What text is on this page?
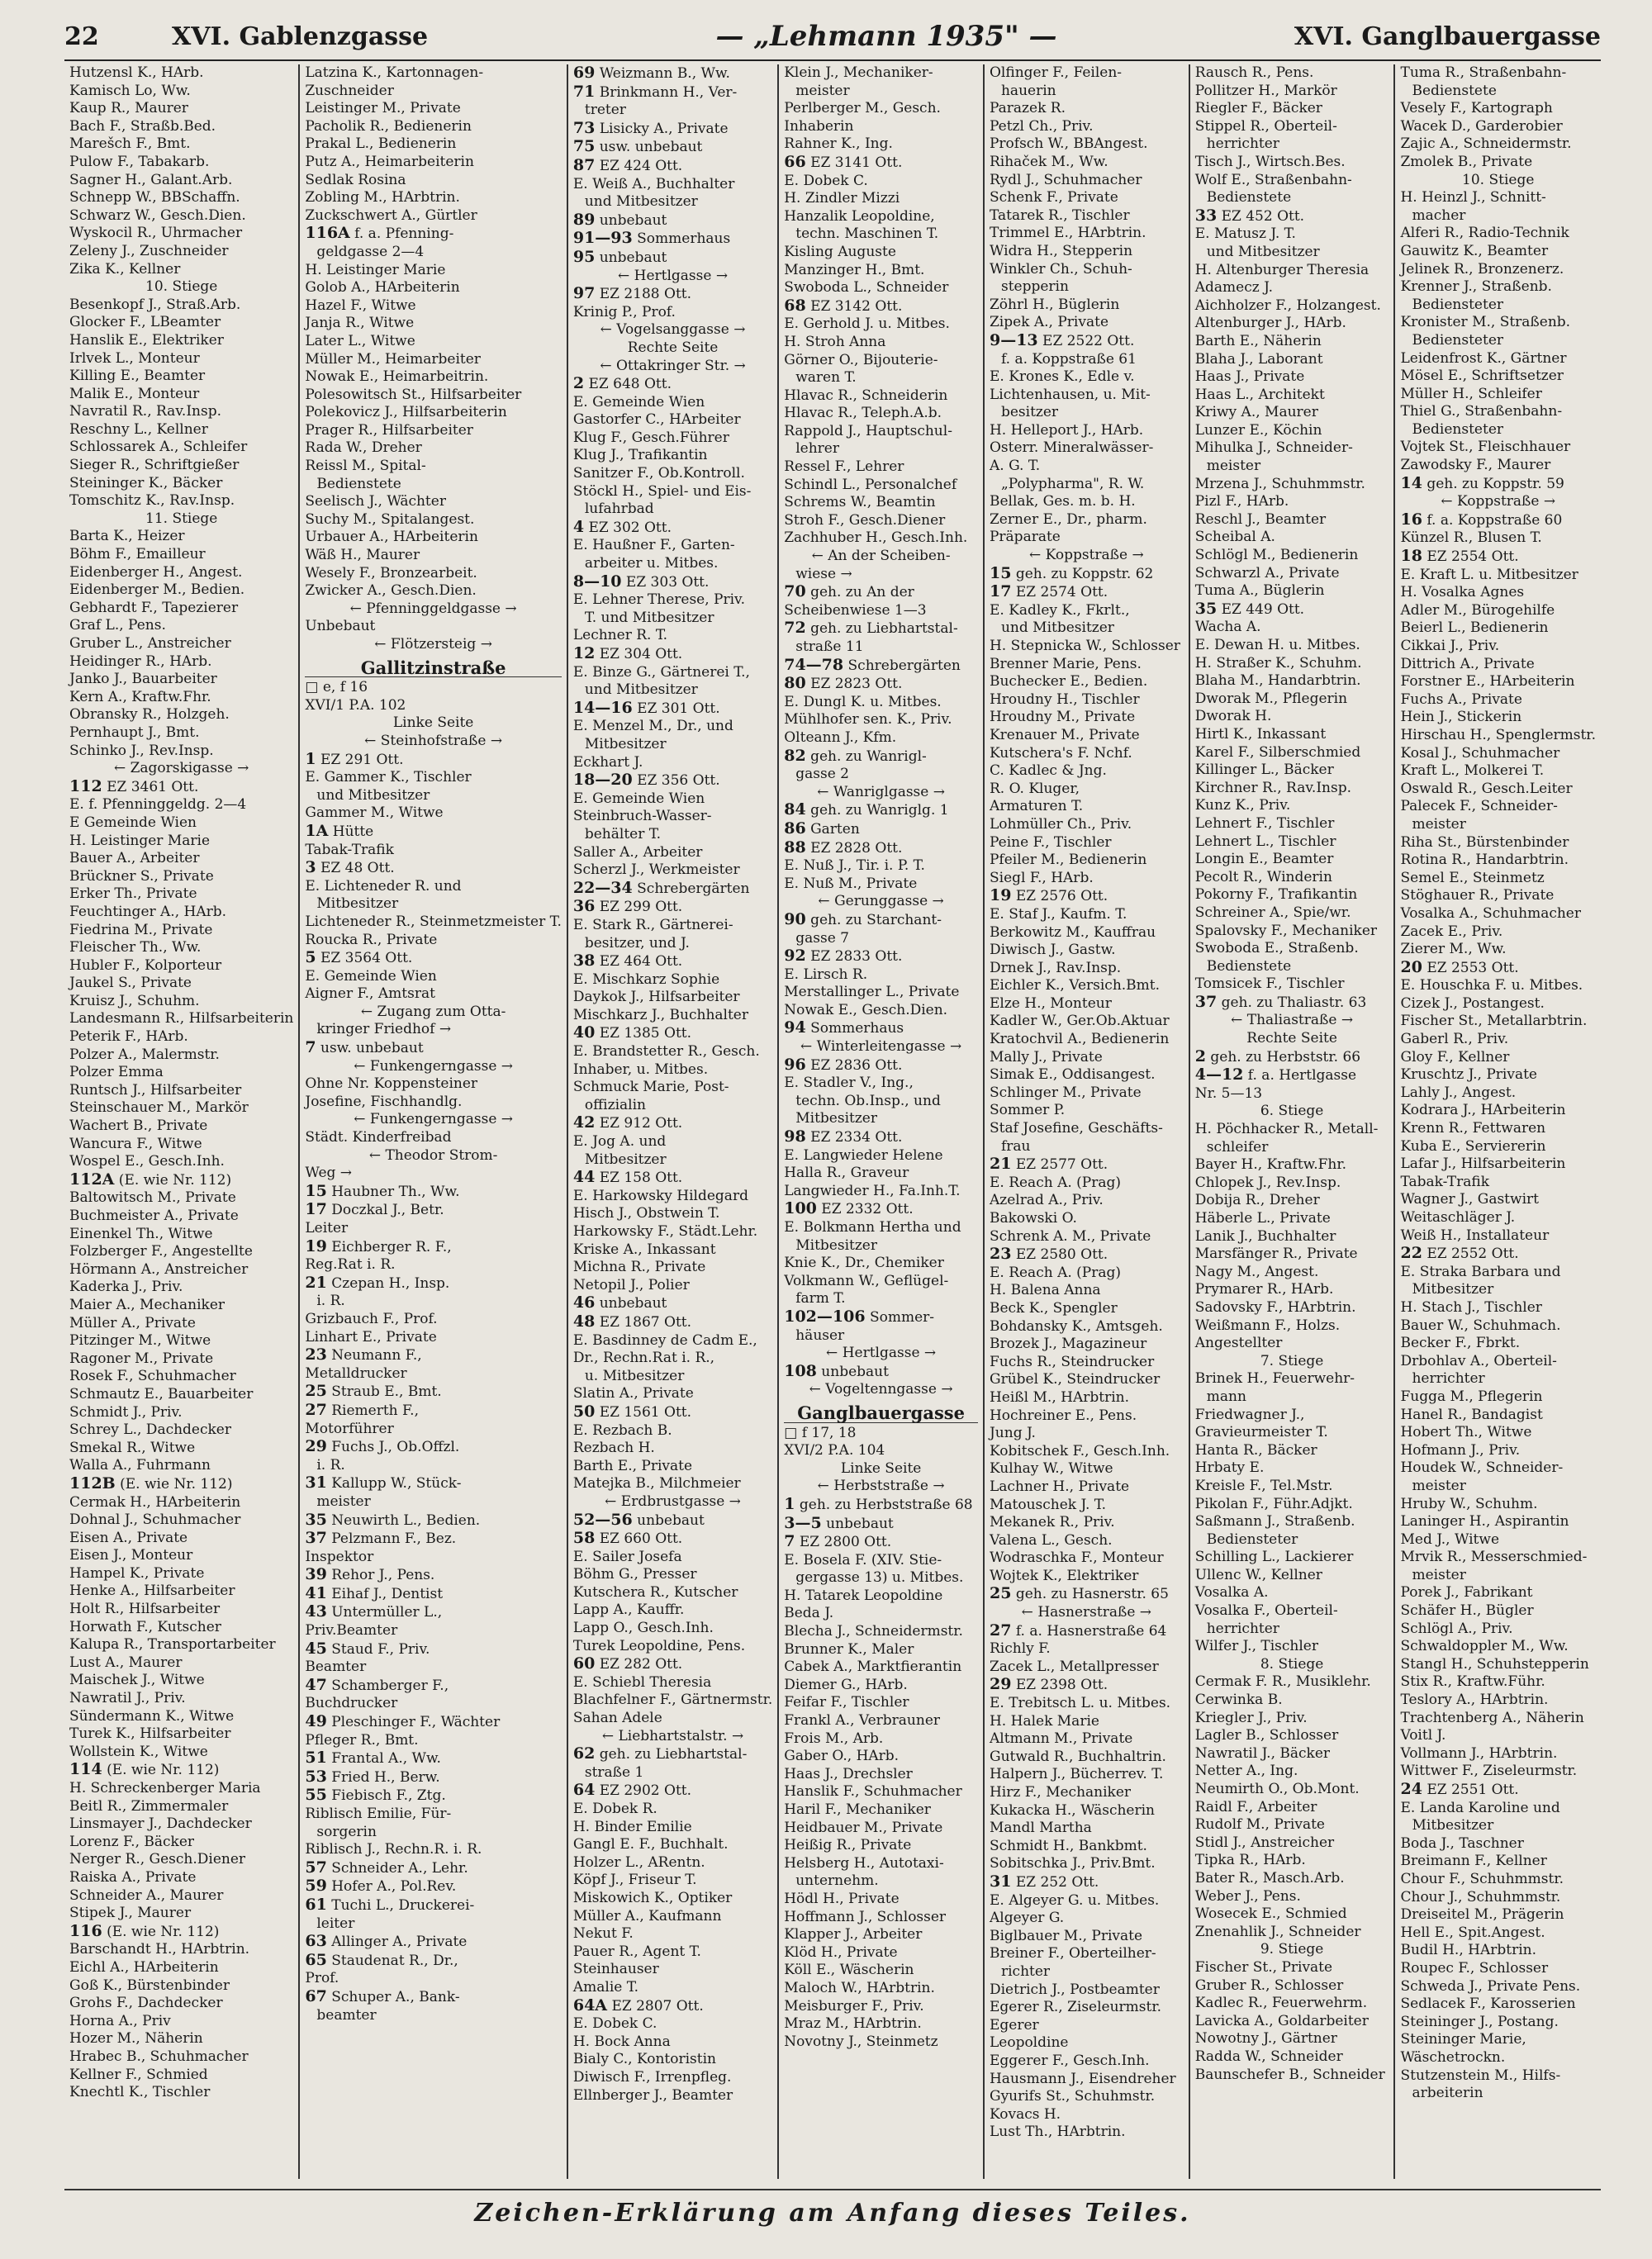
22	XVI. Gablenzgasse	— „Lehmann 1935" —	XVI. Ganglbauergasse
Hutzensl K., HArb.
Kamisch Lo, Ww.
Kaup R., Maurer
Bach F., Straßb.Bed.
Marešch F., Bmt.
Pulow F., Tabakarb.
Sagner H., Galant.Arb.
Schnepp W., BBSchaffn.
Schwarz W., Gesch.Dien.
Wyskocil R., Uhrmacher
Zeleny J., Zuschneider
Zika K., Kellner
10. Stiege
Besenkopf J., Straß.Arb.
Glocker F., LBeamter
Hanslik E., Elektriker
Irlvek L., Monteur
Killing E., Beamter
Malik E., Monteur
Navratil R., Rav.Insp.
Reschny L., Kellner
Schlossarek A., Schleifer
Sieger R., Schriftgießer
Steininger K., Bäcker
Tomschitz K., Rav.Insp.
11. Stiege
Barta K., Heizer
Böhm F., Emailleur
Eidenberger H., Angest.
Eidenberger M., Bedien.
Gebhardt F., Tapezierer
Graf L., Pens.
Gruber L., Anstreicher
Heidinger R., HArb.
Janko J., Bauarbeiter
Kern A., Kraftw.Fhr.
Obransky R., Holzgeh.
Pernhaupt J., Bmt.
Schinko J., Rev.Insp.
← Zagorskigasse →
112 EZ 3461 Ott.
E. f. Pfenninggeldg. 2—4
E Gemeinde Wien
H. Leistinger Marie
Bauer A., Arbeiter
Brückner S., Private
Erker Th., Private
Feuchtinger A., HArb.
Fiedrina M., Private
Fleischer Th., Ww.
Hubler F., Kolporteur
Jaukel S., Private
Kruisz J., Schuhm.
Landesmann R., Hilfsarbeiterin
Peterik F., HArb.
Polzer A., Malermstr.
Polzer Emma
Runtsch J., Hilfsarbeiter
Steinschauer M., Markör
Wachert B., Private
Wancura F., Witwe
Wospel E., Gesch.Inh.
112A (E. wie Nr. 112)
Baltowitsch M., Private
Buchmeister A., Private
Einenkel Th., Witwe
Folzberger F., Angestellte
Hörmann A., Anstreicher
Kaderka J., Priv.
Maier A., Mechaniker
Müller A., Private
Pitzinger M., Witwe
Ragoner M., Private
Rosek F., Schuhmacher
Schmautz E., Bauarbeiter
Schmidt J., Priv.
Schrey L., Dachdecker
Smekal R., Witwe
Walla A., Fuhrmann
112B (E. wie Nr. 112)
Cermak H., HArbeiterin
Dohnal J., Schuhmacher
Eisen A., Private
Eisen J., Monteur
Hampel K., Private
Henke A., Hilfsarbeiter
Holt R., Hilfsarbeiter
Horwath F., Kutscher
Kalupa R., Transportarbeiter
Lust A., Maurer
Maischek J., Witwe
Nawratil J., Priv.
Sündermann K., Witwe
Turek K., Hilfsarbeiter
Wollstein K., Witwe
114 (E. wie Nr. 112)
H. Schreckenberger Maria
Beitl R., Zimmermaler
Linsmayer J., Dachdecker
Lorenz F., Bäcker
Nerger R., Gesch.Diener
Raiska A., Private
Schneider A., Maurer
Stipek J., Maurer
116 (E. wie Nr. 112)
Barschandt H., HArbtrin.
Eichl A., HArbeiterin
Goß K., Bürstenbinder
Grohs F., Dachdecker
Horna A., Priv
Hozer M., Näherin
Hrabec B., Schuhmacher
Kellner F., Schmied
Knechtl K., Tischler
Latzina K., Kartonnagen-
Zuschneider
Leistinger M., Private
Pacholik R., Bedienerin
Prakal L., Bedienerin
Putz A., Heimarbeiterin
Sedlak Rosina
Zobling M., HArbtrin.
Zuckschwert A., Gürtler
116A f. a. Pfenning-
geldgasse 2—4
H. Leistinger Marie
Golob A., HArbeiterin
Hazel F., Witwe
Janja R., Witwe
Later L., Witwe
Müller M., Heimarbeiter
Nowak E., Heimarbeitrin.
Polesowitsch St., Hilfsarbeiter
Polekovicz J., Hilfsarbeiterin
Prager R., Hilfsarbeiter
Rada W., Dreher
Reissl M., Spital-
Bedienstete
Seelisch J., Wächter
Suchy M., Spitalangest.
Urbauer A., HArbeiterin
Wäß H., Maurer
Wesely F., Bronzearbeit.
Zwicker A., Gesch.Dien.
← Pfenninggeldgasse →
Unbebaut
← Flötzersteig →
Gallitzinstraße
□ e, f 16
XVI/1 P.A. 102
Linke Seite
← Steinhofstraße →
1 EZ 291 Ott.
E. Gammer K., Tischler
und Mitbesitzer
Gammer M., Witwe
1A Hütte
Tabak-Trafik
3 EZ 48 Ott.
E. Lichteneder R. und
Mitbesitzer
Lichteneder R., Steinmetzmeister T.
Roucka R., Private
5 EZ 3564 Ott.
E. Gemeinde Wien
Aigner F., Amtsrat
← Zugang zum Otta-
kringer Friedhof →
7 usw. unbebaut
← Funkengerngasse →
Ohne Nr. Koppensteiner
Josefine, Fischhandlg.
← Funkengerngasse →
Städt. Kinderfreibad
← Theodor Strom-
Weg →
15 Haubner Th., Ww.
17 Doczkal J., Betr.
Leiter
19 Eichberger R. F.,
Reg.Rat i. R.
21 Czepan H., Insp.
i. R.
Grizbauch F., Prof.
Linhart E., Private
23 Neumann F.,
Metalldrucker
25 Straub E., Bmt.
27 Riemerth F.,
Motorführer
29 Fuchs J., Ob.Offzl.
i. R.
31 Kallupp W., Stück-
meister
35 Neuwirth L., Bedien.
37 Pelzmann F., Bez.
Inspektor
39 Rehor J., Pens.
41 Eihaf J., Dentist
43 Untermüller L.,
Priv.Beamter
45 Staud F., Priv.
Beamter
47 Schamberger F.,
Buchdrucker
49 Pleschinger F., Wächter
Pfleger R., Bmt.
51 Frantal A., Ww.
53 Fried H., Berw.
55 Fiebisch F., Ztg.
Riblisch Emilie, Für-
sorgerin
Riblisch J., Rechn.R. i. R.
57 Schneider A., Lehr.
59 Hofer A., Pol.Rev.
61 Tuchi L., Druckerei-
leiter
63 Allinger A., Private
65 Staudenat R., Dr.,
Prof.
67 Schuper A., Bank-
beamter
69 Weizmann B., Ww.
71 Brinkmann H., Ver-
treter
73 Lisicky A., Private
75 usw. unbebaut
87 EZ 424 Ott.
E. Weiß A., Buchhalter
und Mitbesitzer
89 unbebaut
91—93 Sommerhaus
95 unbebaut
← Hertlgasse →
97 EZ 2188 Ott.
Krinig P., Prof.
← Vogelsanggasse →
Rechte Seite
← Ottakringer Str. →
2 EZ 648 Ott.
E. Gemeinde Wien
Gastorfer C., HArbeiter
Klug F., Gesch.Führer
Klug J., Trafikantin
Sanitzer F., Ob.Kontroll.
Stöckl H., Spiel- und Eis-
lufahrbad
4 EZ 302 Ott.
E. Haußner F., Garten-
arbeiter u. Mitbes.
8—10 EZ 303 Ott.
E. Lehner Therese, Priv.
T. und Mitbesitzer
Lechner R. T.
12 EZ 304 Ott.
E. Binze G., Gärtnerei T.,
und Mitbesitzer
14—16 EZ 301 Ott.
E. Menzel M., Dr., und
Mitbesitzer
Eckhart J.
18—20 EZ 356 Ott.
E. Gemeinde Wien
Steinbruch-Wasser-
behälter T.
Saller A., Arbeiter
Scherzl J., Werkmeister
22—34 Schrebergärten
36 EZ 299 Ott.
E. Stark R., Gärtnerei-
besitzer, und J.
38 EZ 464 Ott.
E. Mischkarz Sophie
Daykok J., Hilfsarbeiter
Mischkarz J., Buchhalter
40 EZ 1385 Ott.
E. Brandstetter R., Gesch.
Inhaber, u. Mitbes.
Schmuck Marie, Post-
offizialin
42 EZ 912 Ott.
E. Jog A. und
Mitbesitzer
44 EZ 158 Ott.
E. Harkowsky Hildegard
Hisch J., Obstwein T.
Harkowsky F., Städt.Lehr.
Kriske A., Inkassant
Michna R., Private
Netopil J., Polier
46 unbebaut
48 EZ 1867 Ott.
E. Basdinney de Cadm E.,
Dr., Rechn.Rat i. R.,
u. Mitbesitzer
Slatin A., Private
50 EZ 1561 Ott.
E. Rezbach B.
Rezbach H.
Barth E., Private
Matejka B., Milchmeier
← Erdbrustgasse →
52—56 unbebaut
58 EZ 660 Ott.
E. Sailer Josefa
Böhm G., Presser
Kutschera R., Kutscher
Lapp A., Kauffr.
Lapp O., Gesch.Inh.
Turek Leopoldine, Pens.
60 EZ 282 Ott.
E. Schiebl Theresia
Blachfelner F., Gärtnermstr.
Sahan Adele
← Liebhartstalstr. →
62 geh. zu Liebhartstal-
straße 1
64 EZ 2902 Ott.
E. Dobek R.
H. Binder Emilie
Gangl E. F., Buchhalt.
Holzer L., ARentn.
Köpf J., Friseur T.
Miskowich K., Optiker
Müller A., Kaufmann
Nekut F.
Pauer R., Agent T.
Steinhauser
Amalie T.
64A EZ 2807 Ott.
E. Dobek C.
H. Bock Anna
Bialy C., Kontoristin
Diwisch F., Irrenpfleg.
Ellnberger J., Beamter
Klein J., Mechaniker-
meister
Perlberger M., Gesch.
Inhaberin
Rahner K., Ing.
66 EZ 3141 Ott.
E. Dobek C.
H. Zindler Mizzi
Hanzalik Leopoldine,
techn. Maschinen T.
Kisling Auguste
Manzinger H., Bmt.
Swoboda L., Schneider
68 EZ 3142 Ott.
E. Gerhold J. u. Mitbes.
H. Stroh Anna
Görner O., Bijouterie-
waren T.
Hlavac R., Schneiderin
Hlavac R., Teleph.A.b.
Rappold J., Hauptschul-
lehrer
Ressel F., Lehrer
Schindl L., Personalchef
Schrems W., Beamtin
Stroh F., Gesch.Diener
Zachhuber H., Gesch.Inh.
← An der Scheiben-
wiese →
70 geh. zu An der
Scheibenwiese 1—3
72 geh. zu Liebhartstal-
straße 11
74—78 Schrebergärten
80 EZ 2823 Ott.
E. Dungl K. u. Mitbes.
Mühlhofer sen. K., Priv.
Olteann J., Kfm.
82 geh. zu Wanrigl-
gasse 2
← Wanriglgasse →
84 geh. zu Wanriglg. 1
86 Garten
88 EZ 2828 Ott.
E. Nuß J., Tir. i. P. T.
E. Nuß M., Private
← Gerunggasse →
90 geh. zu Starchant-
gasse 7
92 EZ 2833 Ott.
E. Lirsch R.
Merstallinger L., Private
Nowak E., Gesch.Dien.
94 Sommerhaus
← Winterleitengasse →
96 EZ 2836 Ott.
E. Stadler V., Ing.,
techn. Ob.Insp., und
Mitbesitzer
98 EZ 2334 Ott.
E. Langwieder Helene
Halla R., Graveur
Langwieder H., Fa.Inh.T.
100 EZ 2332 Ott.
E. Bolkmann Hertha und
Mitbesitzer
Knie K., Dr., Chemiker
Volkmann W., Geflügel-
farm T.
102—106 Sommer-
häuser
← Hertlgasse →
108 unbebaut
← Vogeltenngasse →
Ganglbauergasse
□ f 17, 18
XVI/2 P.A. 104
Linke Seite
← Herbststraße →
1 geh. zu Herbststraße 68
3—5 unbebaut
7 EZ 2800 Ott.
E. Bosela F. (XIV. Stie-
gergasse 13) u. Mitbes.
H. Tatarek Leopoldine
Beda J.
Blecha J., Schneidermstr.
Brunner K., Maler
Cabek A., Marktfierantin
Diemer G., HArb.
Feifar F., Tischler
Frankl A., Verbrauner
Frois M., Arb.
Gaber O., HArb.
Haas J., Drechsler
Hanslik F., Schuhmacher
Haril F., Mechaniker
Heidbauer M., Private
Heißig R., Private
Helsberg H., Autotaxi-
unternehm.
Hödl H., Private
Hoffmann J., Schlosser
Klapper J., Arbeiter
Klöd H., Private
Köll E., Wäscherin
Maloch W., HArbtrin.
Meisburger F., Priv.
Mraz M., HArbtrin.
Novotny J., Steinmetz
Olfinger F., Feilen-
hauerin
Parazek R.
Petzl Ch., Priv.
Profsch W., BBAngest.
Rihaček M., Ww.
Rydl J., Schuhmacher
Schenk F., Private
Tatarek R., Tischler
Trimmel E., HArbtrin.
Widra H., Stepperin
Winkler Ch., Schuh-
stepperin
Zöhrl H., Büglerin
Zipek A., Private
9—13 EZ 2522 Ott.
f. a. Koppstraße 61
E. Krones K., Edle v.
Lichtenhausen, u. Mit-
besitzer
H. Helleport J., HArb.
Osterr. Mineralwässer-
A. G. T.
„Polypharma", R. W.
Bellak, Ges. m. b. H.
Zerner E., Dr., pharm.
Präparate
← Koppstraße →
15 geh. zu Koppstr. 62
17 EZ 2574 Ott.
E. Kadley K., Fkrlt.,
und Mitbesitzer
H. Stepnicka W., Schlosser
Brenner Marie, Pens.
Buchecker E., Bedien.
Hroudny H., Tischler
Hroudny M., Private
Krenauer M., Private
Kutschera's F. Nchf.
C. Kadlec & Jng.
R. O. Kluger,
Armaturen T.
Lohmüller Ch., Priv.
Peine F., Tischler
Pfeiler M., Bedienerin
Siegl F., HArb.
19 EZ 2576 Ott.
E. Staf J., Kaufm. T.
Berkowitz M., Kauffrau
Diwisch J., Gastw.
Drnek J., Rav.Insp.
Eichler K., Versich.Bmt.
Elze H., Monteur
Kadler W., Ger.Ob.Aktuar
Kratochvil A., Bedienerin
Mally J., Private
Simak E., Oddisangest.
Schlinger M., Private
Sommer P.
Staf Josefine, Geschäfts-
frau
21 EZ 2577 Ott.
E. Reach A. (Prag)
Azelrad A., Priv.
Bakowski O.
Schrenk A. M., Private
23 EZ 2580 Ott.
E. Reach A. (Prag)
H. Balena Anna
Beck K., Spengler
Bohdansky K., Amtsgeh.
Brozek J., Magazineur
Fuchs R., Steindrucker
Grübel K., Steindrucker
Heißl M., HArbtrin.
Hochreiner E., Pens.
Jung J.
Kobitschek F., Gesch.Inh.
Kulhay W., Witwe
Lachner H., Private
Matouschek J. T.
Mekanek R., Priv.
Valena L., Gesch.
Wodraschka F., Monteur
Wojtek K., Elektriker
25 geh. zu Hasnerstr. 65
← Hasnerstraße →
27 f. a. Hasnerstraße 64
Richly F.
Zacek L., Metallpresser
29 EZ 2398 Ott.
E. Trebitsch L. u. Mitbes.
H. Halek Marie
Altmann M., Private
Gutwald R., Buchhaltrin.
Halpern J., Bücherrev. T.
Hirz F., Mechaniker
Kukacka H., Wäscherin
Mandl Martha
Schmidt H., Bankbmt.
Sobitschka J., Priv.Bmt.
31 EZ 252 Ott.
E. Algeyer G. u. Mitbes.
Algeyer G.
Biglbauer M., Private
Breiner F., Oberteilher-
richter
Dietrich J., Postbeamter
Egerer R., Ziseleurmstr.
Egerer
Leopoldine
Eggerer F., Gesch.Inh.
Hausmann J., Eisendreher
Gyurifs St., Schuhmstr.
Kovacs H.
Lust Th., HArbtrin.
Rausch R., Pens.
Pollitzer H., Markör
Riegler F., Bäcker
Stippel R., Oberteil-
herrichter
Tisch J., Wirtsch.Bes.
Wolf E., Straßenbahn-
Bedienstete
33 EZ 452 Ott.
E. Matusz J. T.
und Mitbesitzer
H. Altenburger Theresia
Adamecz J.
Aichholzer F., Holzangest.
Altenburger J., HArb.
Barth E., Näherin
Blaha J., Laborant
Haas J., Private
Haas L., Architekt
Kriwy A., Maurer
Lunzer E., Köchin
Mihulka J., Schneider-
meister
Mrzena J., Schuhmmstr.
Pizl F., HArb.
Reschl J., Beamter
Scheibal A.
Schlögl M., Bedienerin
Schwarzl A., Private
Tuma A., Büglerin
35 EZ 449 Ott.
Wacha A.
E. Dewan H. u. Mitbes.
H. Straßer K., Schuhm.
Blaha M., Handarbtrin.
Dworak M., Pflegerin
Dworak H.
Hirtl K., Inkassant
Karel F., Silberschmied
Killinger L., Bäcker
Kirchner R., Rav.Insp.
Kunz K., Priv.
Lehnert F., Tischler
Lehnert L., Tischler
Longin E., Beamter
Pecolt R., Winderin
Pokorny F., Trafikantin
Schreiner A., Spie/wr.
Spalovsky F., Mechaniker
Swoboda E., Straßenb.
Bedienstete
Tomsicek F., Tischler
37 geh. zu Thaliastr. 63
← Thaliastraße →
Rechte Seite
2 geh. zu Herbststr. 66
4—12 f. a. Hertlgasse
Nr. 5—13
6. Stiege
H. Pöchhacker R., Metall-
schleifer
Bayer H., Kraftw.Fhr.
Chlopek J., Rev.Insp.
Dobija R., Dreher
Häberle L., Private
Lanik J., Buchhalter
Marsfänger R., Private
Nagy M., Angest.
Prymarer R., HArb.
Sadovsky F., HArbtrin.
Weißmann F., Holzs.
Angestellter
7. Stiege
Brinek H., Feuerwehr-
mann
Friedwagner J.,
Gravieurmeister T.
Hanta R., Bäcker
Hrbaty E.
Kreisle F., Tel.Mstr.
Pikolan F., Führ.Adjkt.
Saßmann J., Straßenb.
Bediensteter
Schilling L., Lackierer
Ullenc W., Kellner
Vosalka A.
Vosalka F., Oberteil-
herrichter
Wilfer J., Tischler
8. Stiege
Cermak F. R., Musiklehr.
Cerwinka B.
Kriegler J., Priv.
Lagler B., Schlosser
Nawratil J., Bäcker
Netter A., Ing.
Neumirth O., Ob.Mont.
Raidl F., Arbeiter
Rudolf M., Private
Stidl J., Anstreicher
Tipka R., HArb.
Bater R., Masch.Arb.
Weber J., Pens.
Wosecek E., Schmied
Znenahlik J., Schneider
9. Stiege
Fischer St., Private
Gruber R., Schlosser
Kadlec R., Feuerwehrm.
Lavicka A., Goldarbeiter
Nowotny J., Gärtner
Radda W., Schneider
Baunschefer B., Schneider
Tuma R., Straßenbahn-
Bedienstete
Vesely F., Kartograph
Wacek D., Garderobier
Zajic A., Schneidermstr.
Zmolek B., Private
10. Stiege
H. Heinzl J., Schnitt-
macher
Alferi R., Radio-Technik
Gauwitz K., Beamter
Jelinek R., Bronzenerz.
Krenner J., Straßenb.
Bediensteter
Kronister M., Straßenb.
Bediensteter
Leidenfrost K., Gärtner
Mösel E., Schriftsetzer
Müller H., Schleifer
Thiel G., Straßenbahn-
Bediensteter
Vojtek St., Fleischhauer
Zawodsky F., Maurer
14 geh. zu Koppstr. 59
← Koppstraße →
16 f. a. Koppstraße 60
Künzel R., Blusen T.
18 EZ 2554 Ott.
E. Kraft L. u. Mitbesitzer
H. Vosalka Agnes
Adler M., Bürogehilfe
Beierl L., Bedienerin
Cikkai J., Priv.
Dittrich A., Private
Forstner E., HArbeiterin
Fuchs A., Private
Hein J., Stickerin
Hirschau H., Spenglermstr.
Kosal J., Schuhmacher
Kraft L., Molkerei T.
Oswald R., Gesch.Leiter
Palecek F., Schneider-
meister
Riha St., Bürstenbinder
Rotina R., Handarbtrin.
Semel E., Steinmetz
Stöghauer R., Private
Vosalka A., Schuhmacher
Zacek E., Priv.
Zierer M., Ww.
20 EZ 2553 Ott.
E. Houschka F. u. Mitbes.
Cizek J., Postangest.
Fischer St., Metallarbtrin.
Gaberl R., Priv.
Gloy F., Kellner
Kruschtz J., Private
Lahly J., Angest.
Kodrara J., HArbeiterin
Krenn R., Fettwaren
Kuba E., Serviererin
Lafar J., Hilfsarbeiterin
Tabak-Trafik
Wagner J., Gastwirt
Weitaschläger J.
Weiß H., Installateur
22 EZ 2552 Ott.
E. Straka Barbara und
Mitbesitzer
H. Stach J., Tischler
Bauer W., Schuhmach.
Becker F., Fbrkt.
Drbohlav A., Oberteil-
herrichter
Fugga M., Pflegerin
Hanel R., Bandagist
Hobert Th., Witwe
Hofmann J., Priv.
Houdek W., Schneider-
meister
Hruby W., Schuhm.
Laninger H., Aspirantin
Med J., Witwe
Mrvik R., Messerschmied-
meister
Porek J., Fabrikant
Schäfer H., Bügler
Schlögl A., Priv.
Schwaldoppler M., Ww.
Stangl H., Schuhstepperin
Stix R., Kraftw.Führ.
Teslory A., HArbtrin.
Trachtenberg A., Näherin
Voitl J.
Vollmann J., HArbtrin.
Wittwer F., Ziseleurmstr.
24 EZ 2551 Ott.
E. Landa Karoline und
Mitbesitzer
Boda J., Taschner
Breimann F., Kellner
Chour F., Schuhmmstr.
Chour J., Schuhmmstr.
Dreiseitel M., Prägerin
Hell E., Spit.Angest.
Budil H., HArbtrin.
Roupec F., Schlosser
Schweda J., Private Pens.
Sedlacek F., Karosserien
Steininger J., Postang.
Steininger Marie,
Wäschetrockn.
Stutzenstein M., Hilfs-
arbeiterin
Zeichen-Erklärung am Anfang dieses Teiles.
